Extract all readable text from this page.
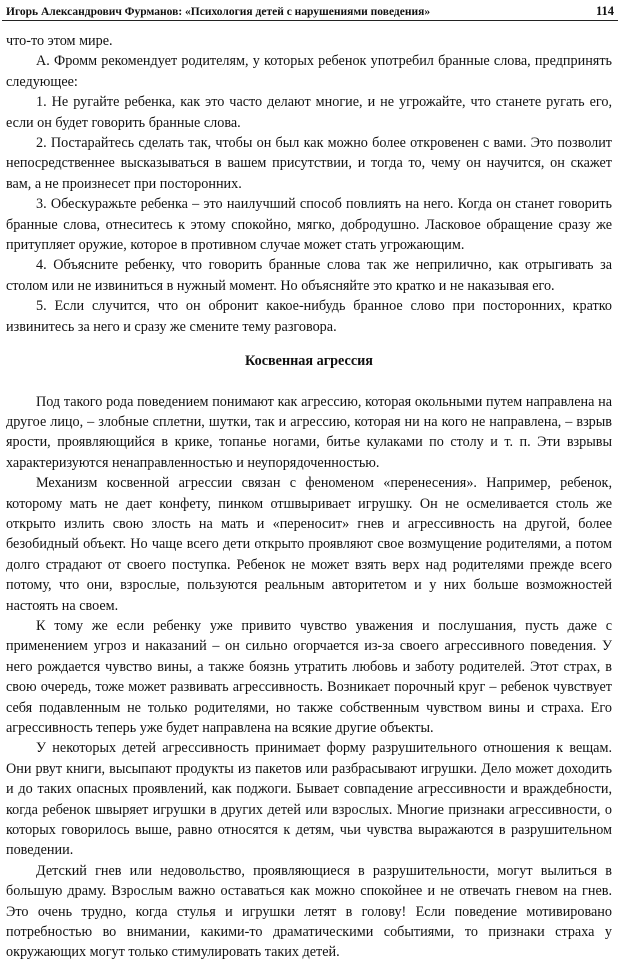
Игорь Александрович Фурманов: «Психология детей с нарушениями поведения»	114

что-то этом мире.

А. Фромм рекомендует родителям, у которых ребенок употребил бранные слова, предпринять следующее:

1. Не ругайте ребенка, как это часто делают многие, и не угрожайте, что станете ругать его, если он будет говорить бранные слова.

2. Постарайтесь сделать так, чтобы он был как можно более откровенен с вами. Это позволит непосредственнее высказываться в вашем присутствии, и тогда то, чему он научится, он скажет вам, а не произнесет при посторонних.

3. Обескуражьте ребенка – это наилучший способ повлиять на него. Когда он станет говорить бранные слова, отнеситесь к этому спокойно, мягко, добродушно. Ласковое обращение сразу же притупляет оружие, которое в противном случае может стать угрожающим.

4. Объясните ребенку, что говорить бранные слова так же неприлично, как отрыгивать за столом или не извиниться в нужный момент. Но объясняйте это кратко и не наказывая его.

5. Если случится, что он обронит какое-нибудь бранное слово при посторонних, кратко извинитесь за него и сразу же смените тему разговора.

Косвенная агрессия

Под такого рода поведением понимают как агрессию, которая окольными путем направлена на другое лицо, – злобные сплетни, шутки, так и агрессию, которая ни на кого не направлена, – взрыв ярости, проявляющийся в крике, топанье ногами, битье кулаками по столу и т. п. Эти взрывы характеризуются ненаправленностью и неупорядоченностью.

Механизм косвенной агрессии связан с феноменом «перенесения». Например, ребенок, которому мать не дает конфету, пинком отшвыривает игрушку. Он не осмеливается столь же открыто излить свою злость на мать и «переносит» гнев и агрессивность на другой, более безобидный объект. Но чаще всего дети открыто проявляют свое возмущение родителями, а потом долго страдают от своего поступка. Ребенок не может взять верх над родителями прежде всего потому, что они, взрослые, пользуются реальным авторитетом и у них больше возможностей настоять на своем.

К тому же если ребенку уже привито чувство уважения и послушания, пусть даже с применением угроз и наказаний – он сильно огорчается из-за своего агрессивного поведения. У него рождается чувство вины, а также боязнь утратить любовь и заботу родителей. Этот страх, в свою очередь, тоже может развивать агрессивность. Возникает порочный круг – ребенок чувствует себя подавленным не только родителями, но также собственным чувством вины и страха. Его агрессивность теперь уже будет направлена на всякие другие объекты.

У некоторых детей агрессивность принимает форму разрушительного отношения к вещам. Они рвут книги, высыпают продукты из пакетов или разбрасывают игрушки. Дело может доходить и до таких опасных проявлений, как поджоги. Бывает совпадение агрессивности и враждебности, когда ребенок швыряет игрушки в других детей или взрослых. Многие признаки агрессивности, о которых говорилось выше, равно относятся к детям, чьи чувства выражаются в разрушительном поведении.

Детский гнев или недовольство, проявляющиеся в разрушительности, могут вылиться в большую драму. Взрослым важно оставаться как можно спокойнее и не отвечать гневом на гнев. Это очень трудно, когда стулья и игрушки летят в голову! Если поведение мотивировано потребностью во внимании, какими-то драматическими событиями, то признаки страха у окружающих могут только стимулировать таких детей.
